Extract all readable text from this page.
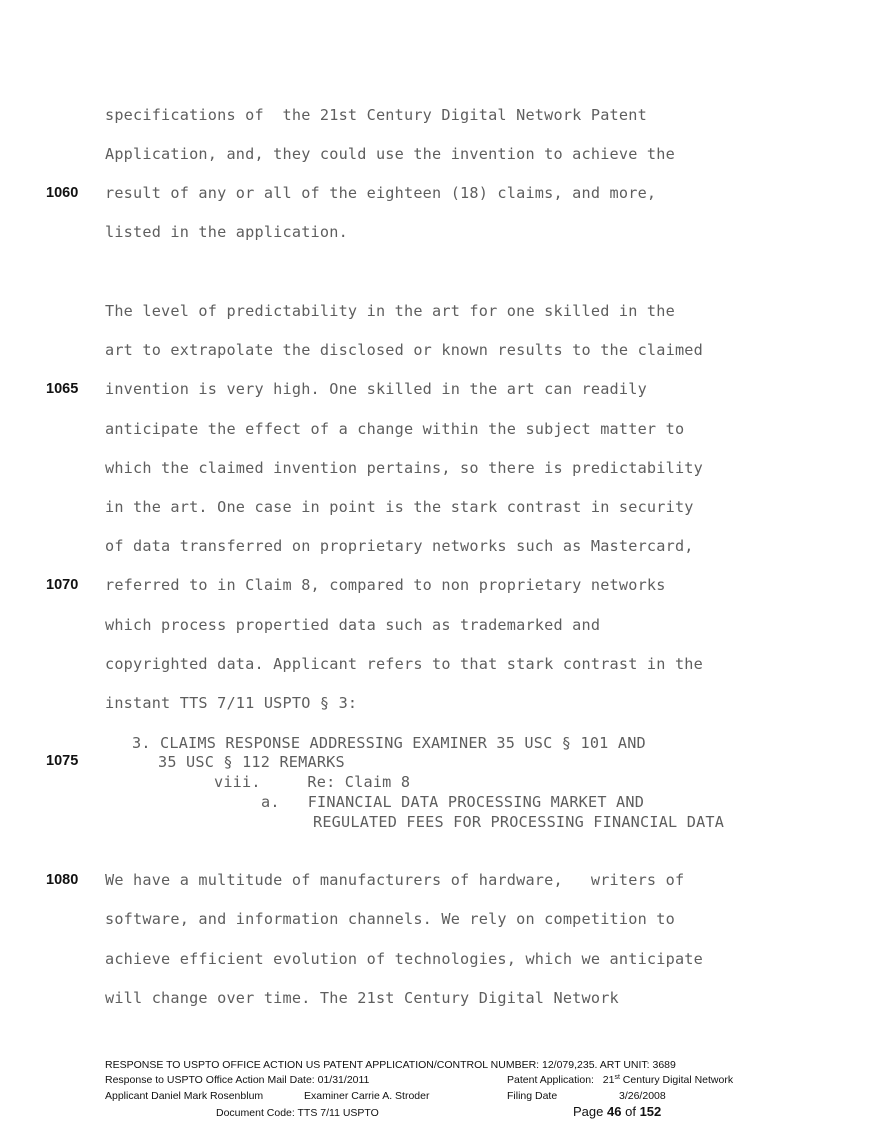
specifications of  the 21st Century Digital Network Patent
Application, and, they could use the invention to achieve the
result of any or all of the eighteen (18) claims, and more,
listed in the application.
The level of predictability in the art for one skilled in the
art to extrapolate the disclosed or known results to the claimed
invention is very high. One skilled in the art can readily
anticipate the effect of a change within the subject matter to
which the claimed invention pertains, so there is predictability
in the art. One case in point is the stark contrast in security
of data transferred on proprietary networks such as Mastercard,
referred to in Claim 8, compared to non proprietary networks
which process propertied data such as trademarked and
copyrighted data. Applicant refers to that stark contrast in the
instant TTS 7/11 USPTO § 3:
3. CLAIMS RESPONSE ADDRESSING EXAMINER 35 USC § 101 AND
35 USC § 112 REMARKS
viii.     Re: Claim 8
a.   FINANCIAL DATA PROCESSING MARKET AND
REGULATED FEES FOR PROCESSING FINANCIAL DATA
We have a multitude of manufacturers of hardware,   writers of
software, and information channels. We rely on competition to
achieve efficient evolution of technologies, which we anticipate
will change over time. The 21st Century Digital Network
1060
1065
1070
1075
1080
RESPONSE TO USPTO OFFICE ACTION US PATENT APPLICATION/CONTROL NUMBER: 12/079,235. ART UNIT: 3689
Response to USPTO Office Action Mail Date: 01/31/2011	Patent Application: 21st Century Digital Network
Applicant Daniel Mark Rosenblum	Examiner Carrie A. Stroder	Filing Date	3/26/2008
Document Code: TTS 7/11 USPTO	Page 46 of 152
